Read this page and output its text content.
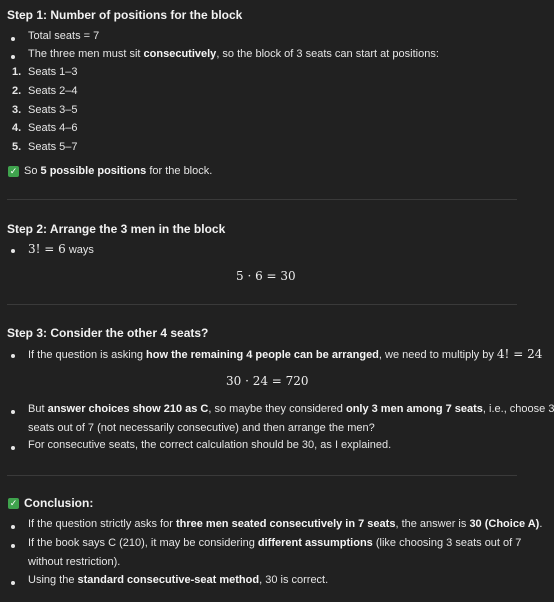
Step 1: Number of positions for the block
Total seats = 7
The three men must sit consecutively, so the block of 3 seats can start at positions:
1. Seats 1–3
2. Seats 2–4
3. Seats 3–5
4. Seats 4–6
5. Seats 5–7
✓ So 5 possible positions for the block.
Step 2: Arrange the 3 men in the block
3! = 6 ways
5 · 6 = 30
Step 3: Consider the other 4 seats?
If the question is asking how the remaining 4 people can be arranged, we need to multiply by 4! = 24
30 · 24 = 720
But answer choices show 210 as C, so maybe they considered only 3 men among 7 seats, i.e., choose 3
seats out of 7 (not necessarily consecutive) and then arrange the men?
For consecutive seats, the correct calculation should be 30, as I explained.
✓ Conclusion:
If the question strictly asks for three men seated consecutively in 7 seats, the answer is 30 (Choice A).
If the book says C (210), it may be considering different assumptions (like choosing 3 seats out of 7
without restriction).
Using the standard consecutive-seat method, 30 is correct.
